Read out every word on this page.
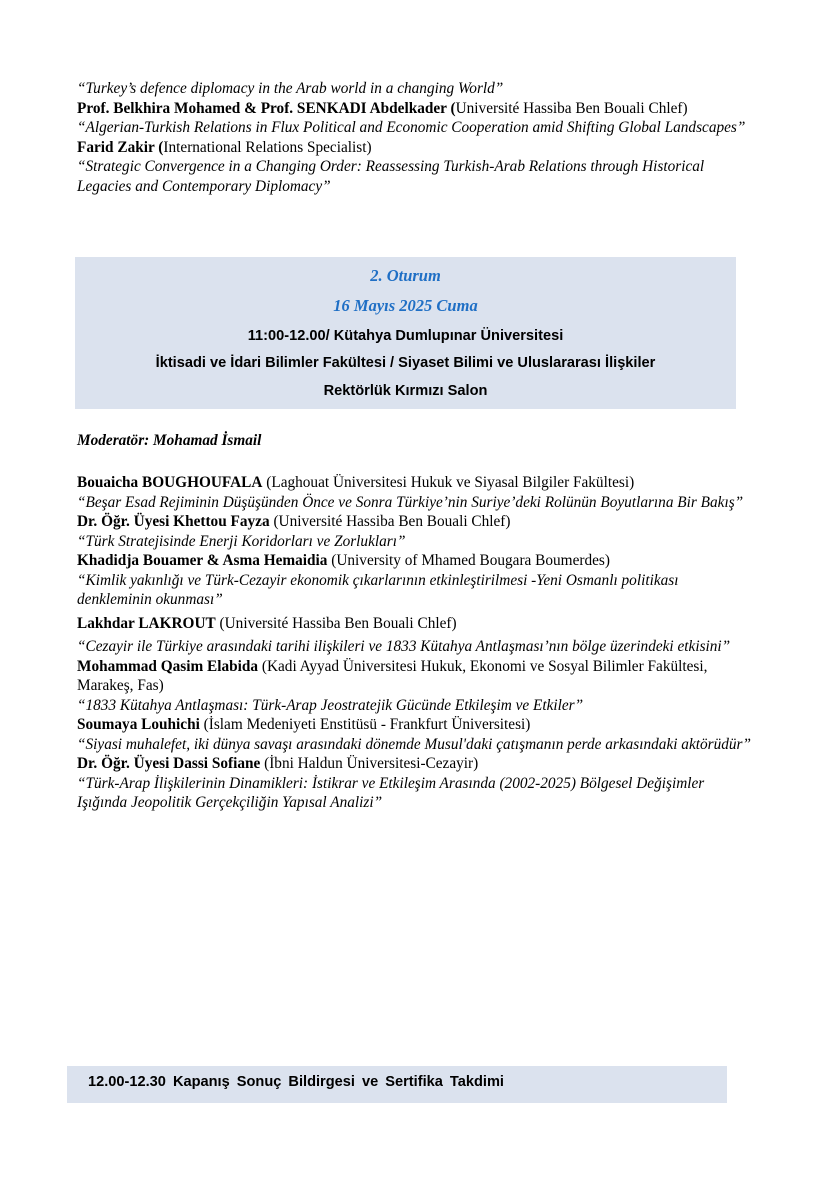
“Turkey’s defence diplomacy in the Arab world in a changing World”

Prof. Belkhira Mohamed & Prof. SENKADI Abdelkader (Université Hassiba Ben Bouali Chlef)

“Algerian-Turkish Relations in Flux Political and Economic Cooperation amid Shifting Global Landscapes”

Farid Zakir (International Relations Specialist)

“Strategic Convergence in a Changing Order: Reassessing Turkish-Arab Relations through Historical Legacies and Contemporary Diplomacy”

2. Oturum
16 Mayıs 2025 Cuma
11:00-12.00/ Kütahya Dumlupınar Üniversitesi
İktisadi ve İdari Bilimler Fakültesi / Siyaset Bilimi ve Uluslararası İlişkiler
Rektörlük Kırmızı Salon
Moderatör: Mohamad İsmail

Bouaicha BOUGHOUFALA (Laghouat Üniversitesi Hukuk ve Siyasal Bilgiler Fakültesi)

“Beşar Esad Rejiminin Düşüşünden Önce ve Sonra Türkiye’nin Suriye’deki Rolünün Boyutlarına Bir Bakış”

Dr. Öğr. Üyesi Khettou Fayza (Université Hassiba Ben Bouali Chlef)

“Türk Stratejisinde Enerji Koridorları ve Zorlukları”

Khadidja Bouamer & Asma Hemaidia (University of Mhamed Bougara Boumerdes)

“Kimlik yakınlığı ve Türk-Cezayir ekonomik çıkarlarının etkinleştirilmesi -Yeni Osmanlı politikası denkleminin okunması”

Lakhdar LAKROUT (Université Hassiba Ben Bouali Chlef)

“Cezayir ile Türkiye arasındaki tarihi ilişkileri ve 1833 Kütahya Antlaşması’nın bölge üzerindeki etkisini”

Mohammad Qasim Elabida (Kadi Ayyad Üniversitesi Hukuk, Ekonomi ve Sosyal Bilimler Fakültesi, Marakeş, Fas)

“1833 Kütahya Antlaşması: Türk-Arap Jeostratejik Gücünde Etkileşim ve Etkiler”

Soumaya Louhichi (İslam Medeniyeti Enstitüsü - Frankfurt Üniversitesi)

“Siyasi muhalefet, iki dünya savaşı arasındaki dönemde Musul'daki çatışmanın perde arkasındaki aktörüdür”

Dr. Öğr. Üyesi Dassi Sofiane (İbni Haldun Üniversitesi-Cezayir)

“Türk-Arap İlişkilerinin Dinamikleri: İstikrar ve Etkileşim Arasında (2002-2025) Bölgesel Değişimler Işığında Jeopolitik Gerçekçiliğin Yapısal Analizi”

12.00-12.30 Kapanış Sonuç Bildirgesi ve Sertifika Takdimi
